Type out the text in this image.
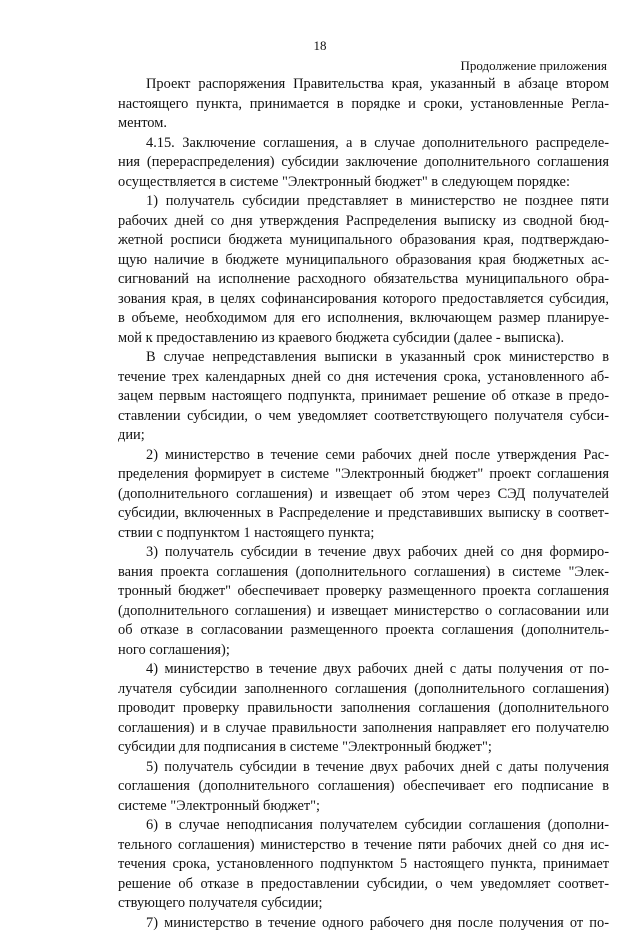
18
Продолжение приложения
Проект распоряжения Правительства края, указанный в абзаце втором
настоящего пункта, принимается в порядке и сроки, установленные Регла-
ментом.
4.15. Заключение соглашения, а в случае дополнительного распределе-
ния (перераспределения) субсидии заключение дополнительного соглашения
осуществляется в системе "Электронный бюджет" в следующем порядке:
1) получатель субсидии представляет в министерство не позднее пяти
рабочих дней со дня утверждения Распределения выписку из сводной бюд-
жетной росписи бюджета муниципального образования края, подтверждаю-
щую наличие в бюджете муниципального образования края бюджетных ас-
сигнований на исполнение расходного обязательства муниципального обра-
зования края, в целях софинансирования которого предоставляется субсидия,
в объеме, необходимом для его исполнения, включающем размер планируе-
мой к предоставлению из краевого бюджета субсидии (далее - выписка).
В случае непредставления выписки в указанный срок министерство в
течение трех календарных дней со дня истечения срока, установленного аб-
зацем первым настоящего подпункта, принимает решение об отказе в предо-
ставлении субсидии, о чем уведомляет соответствующего получателя субси-
дии;
2) министерство в течение семи рабочих дней после утверждения Рас-
пределения формирует в системе "Электронный бюджет" проект соглашения
(дополнительного соглашения) и извещает об этом через СЭД получателей
субсидии, включенных в Распределение и представивших выписку в соответ-
ствии с подпунктом 1 настоящего пункта;
3) получатель субсидии в течение двух рабочих дней со дня формиро-
вания проекта соглашения (дополнительного соглашения) в системе "Элек-
тронный бюджет" обеспечивает проверку размещенного проекта соглашения
(дополнительного соглашения) и извещает министерство о согласовании или
об отказе в согласовании размещенного проекта соглашения (дополнитель-
ного соглашения);
4) министерство в течение двух рабочих дней с даты получения от по-
лучателя субсидии заполненного соглашения (дополнительного соглашения)
проводит проверку правильности заполнения соглашения (дополнительного
соглашения) и в случае правильности заполнения направляет его получателю
субсидии для подписания в системе "Электронный бюджет";
5) получатель субсидии в течение двух рабочих дней с даты получения
соглашения (дополнительного соглашения) обеспечивает его подписание в
системе "Электронный бюджет";
6) в случае неподписания получателем субсидии соглашения (дополни-
тельного соглашения) министерство в течение пяти рабочих дней со дня ис-
течения срока, установленного подпунктом 5 настоящего пункта, принимает
решение об отказе в предоставлении субсидии, о чем уведомляет соответ-
ствующего получателя субсидии;
7) министерство в течение одного рабочего дня после получения от по-
